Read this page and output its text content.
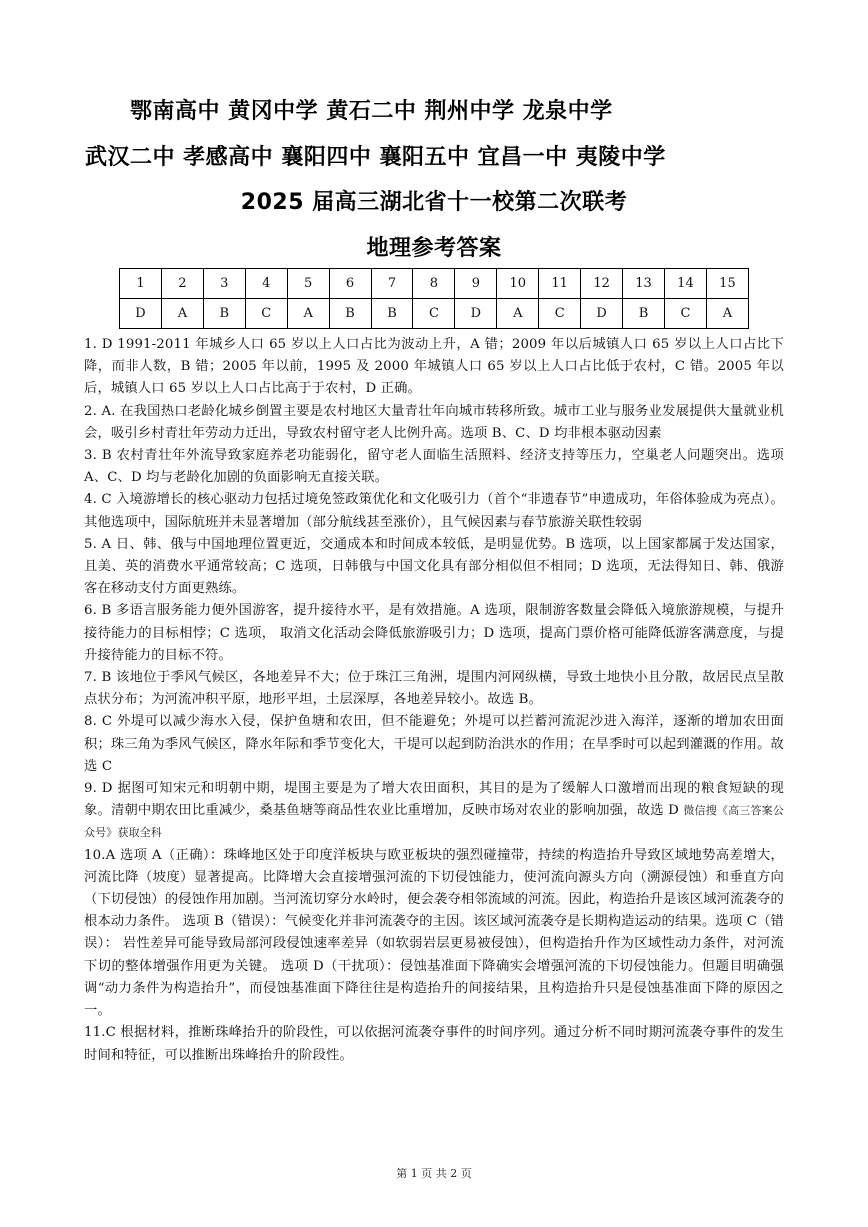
鄂南高中 黄冈中学 黄石二中 荆州中学 龙泉中学
武汉二中 孝感高中 襄阳四中 襄阳五中 宜昌一中 夷陵中学
2025 届高三湖北省十一校第二次联考
地理参考答案
1	2	3	4	5	6	7	8	9	10	11	12	13	14	15
D	A	B	C	A	B	B	C	D	A	C	D	B	C	A

1. D 1991-2011 年城乡人口 65 岁以上人口占比为波动上升，A 错；2009 年以后城镇人口 65 岁以上人口占比下降，而非人数，B 错；2005 年以前，1995 及 2000 年城镇人口 65 岁以上人口占比低于农村，C 错。2005 年以后，城镇人口 65 岁以上人口占比高于于农村，D 正确。

2. A. 在我国热口老龄化城乡倒置主要是农村地区大量青壮年向城市转移所致。城市工业与服务业发展提供大量就业机会，吸引乡村青壮年劳动力迁出，导致农村留守老人比例升高。选项 B、C、D 均非根本驱动因素

3. B 农村青壮年外流导致家庭养老功能弱化，留守老人面临生活照料、经济支持等压力，空巢老人问题突出。选项 A、C、D 均与老龄化加剧的负面影响无直接关联。

4. C 入境游增长的核心驱动力包括过境免签政策优化和文化吸引力（首个“非遗春节”申遗成功，年俗体验成为亮点）。其他选项中，国际航班并未显著增加（部分航线甚至涨价），且气候因素与春节旅游关联性较弱

5. A 日、韩、俄与中国地理位置更近，交通成本和时间成本较低，是明显优势。B 选项，以上国家都属于发达国家，且美、英的消费水平通常较高；C 选项，日韩俄与中国文化具有部分相似但不相同；D 选项，无法得知日、韩、俄游客在移动支付方面更熟练。

6. B 多语言服务能力便外国游客，提升接待水平，是有效措施。A 选项，限制游客数量会降低入境旅游规模，与提升接待能力的目标相悖；C 选项， 取消文化活动会降低旅游吸引力；D 选项，提高门票价格可能降低游客满意度，与提升接待能力的目标不符。

7. B 该地位于季风气候区，各地差异不大；位于珠江三角洲，堤围内河网纵横，导致土地快小且分散，故居民点呈散点状分布；为河流冲积平原，地形平坦，土层深厚，各地差异较小。故选 B。

8. C 外堤可以减少海水入侵，保护鱼塘和农田，但不能避免；外堤可以拦蓄河流泥沙进入海洋，逐渐的增加农田面积；珠三角为季风气候区，降水年际和季节变化大，干堤可以起到防治洪水的作用；在旱季时可以起到灌溉的作用。故选 C

9. D 据图可知宋元和明朝中期，堤围主要是为了增大农田面积，其目的是为了缓解人口激增而出现的粮食短缺的现象。清朝中期农田比重减少，桑基鱼塘等商品性农业比重增加，反映市场对农业的影响加强，故选 D 微信搜《高三答案公众号》获取全科

10.A 选项 A（正确）：珠峰地区处于印度洋板块与欧亚板块的强烈碰撞带，持续的构造抬升导致区域地势高差增大，河流比降（坡度）显著提高。比降增大会直接增强河流的下切侵蚀能力，使河流向源头方向（溯源侵蚀）和垂直方向（下切侵蚀）的侵蚀作用加剧。当河流切穿分水岭时，便会袭夺相邻流域的河流。因此，构造抬升是该区域河流袭夺的根本动力条件。 选项 B（错误）：气候变化并非河流袭夺的主因。该区域河流袭夺是长期构造运动的结果。选项 C（错误）： 岩性差异可能导致局部河段侵蚀速率差异（如软弱岩层更易被侵蚀），但构造抬升作为区域性动力条件，对河流下切的整体增强作用更为关键。 选项 D（干扰项）：侵蚀基准面下降确实会增强河流的下切侵蚀能力。但题目明确强调“动力条件为构造抬升”，而侵蚀基准面下降往往是构造抬升的间接结果，且构造抬升只是侵蚀基准面下降的原因之一。

11.C 根据材料，推断珠峰抬升的阶段性，可以依据河流袭夺事件的时间序列。通过分析不同时期河流袭夺事件的发生时间和特征，可以推断出珠峰抬升的阶段性。

第 1 页 共 2 页
